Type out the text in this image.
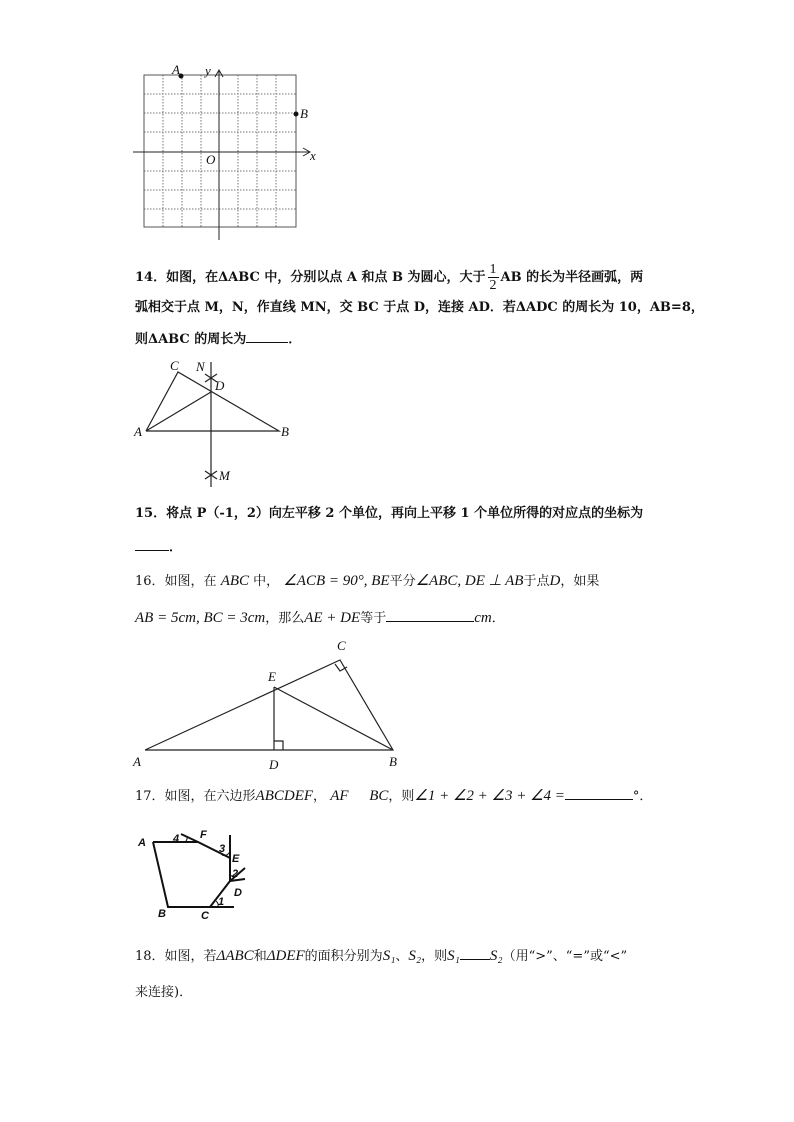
A
B
y
x
O
A
C N
D
B
M
A	B
C
E
D
A
F
E
D
B	C
1
2
3
4
14．如图，在ΔABC 中，分别以点 A 和点 B 为圆心，大于 $\frac{1}{2}$ AB 的长为半径画弧，两
弧相交于点 M，N，作直线 MN，交 BC 于点 D，连接 AD．若ΔADC 的周长为 10，AB=8，
则ΔABC 的周长为	．
15．将点 P（-1，2）向左平移 2 个单位，再向上平移 1 个单位所得的对应点的坐标为
．
16．如图，在 ABC 中， ∠ACB = 90°, BE平分∠ABC, DE ⊥ AB于点D，如果
AB = 5cm, BC = 3cm，那么AE + DE等于	cm．
17．如图，在六边形ABCDEF， AF BC，则∠1 + ∠2 + ∠3 + ∠4 =	°．
18．如图，若ΔABC和ΔDEF的面积分别为S₁、S₂，则S₁ S₂（用“>”、“=”或“<”
来连接)．
